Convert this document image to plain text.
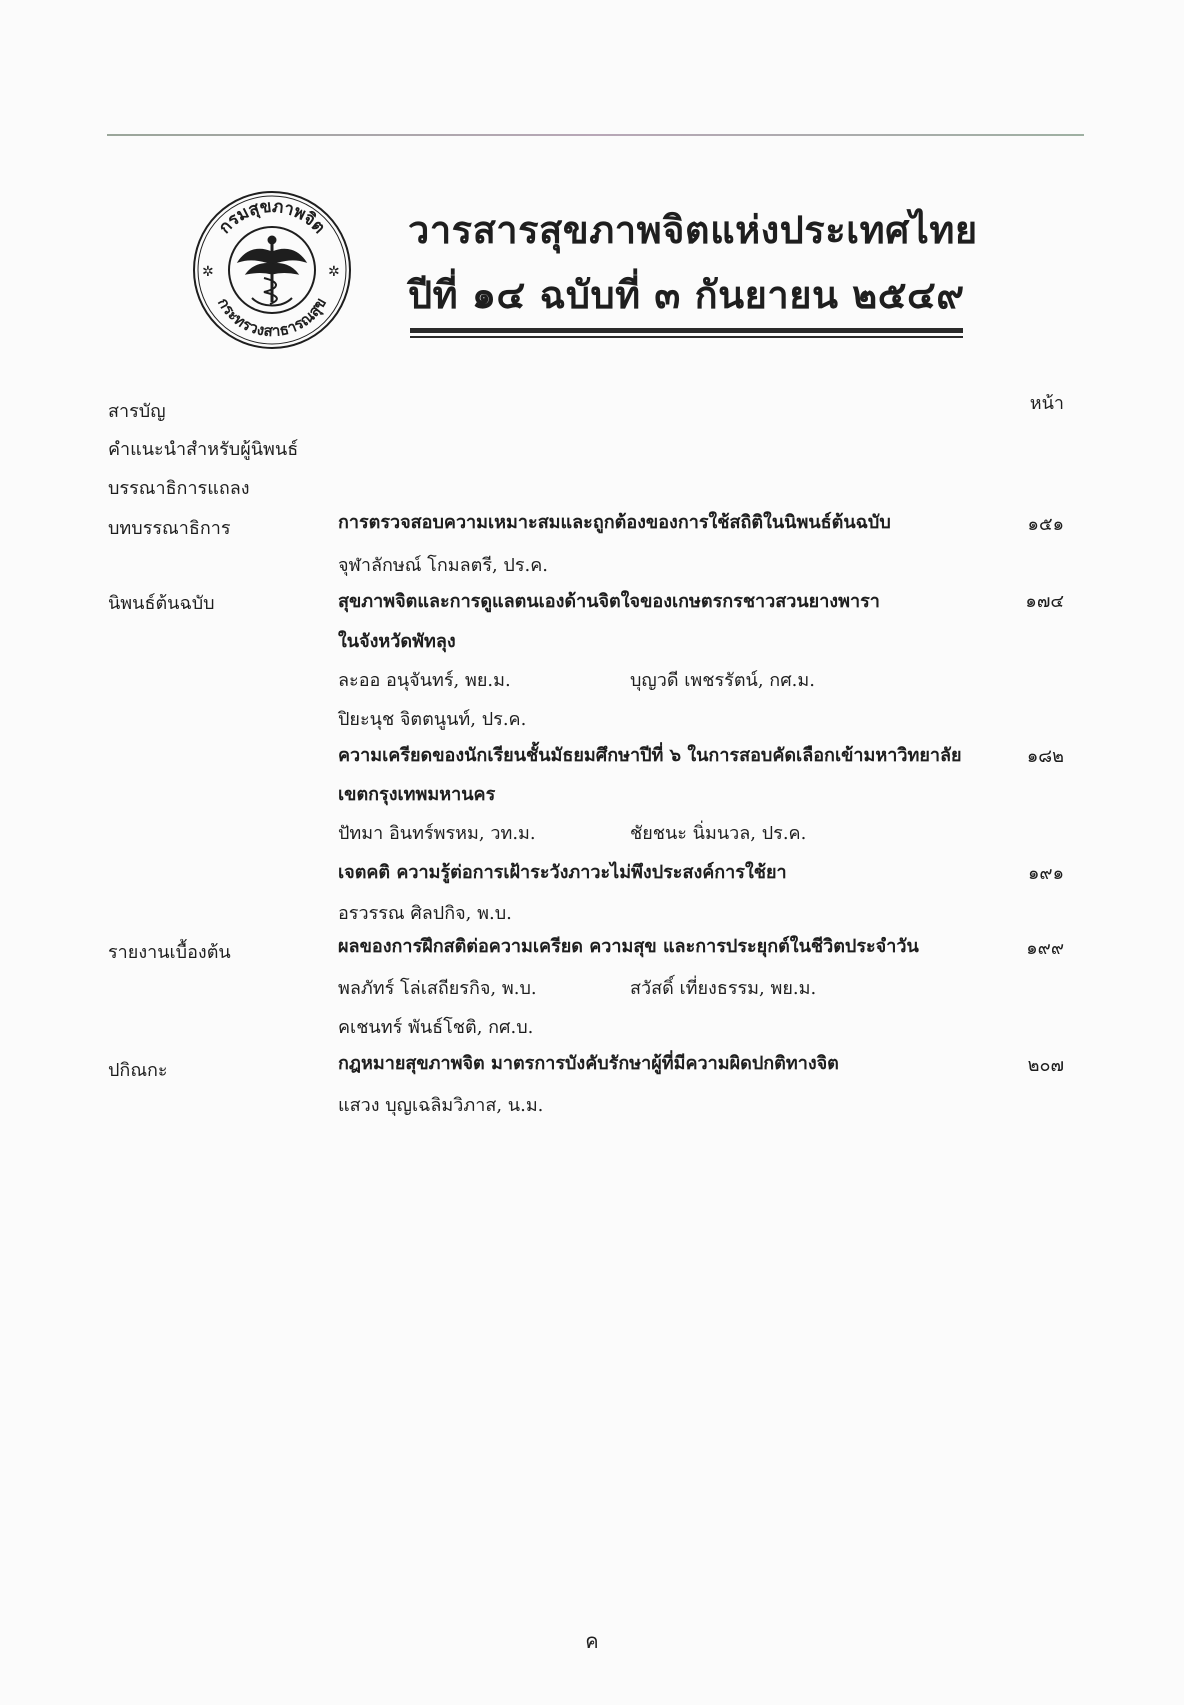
กรมสุขภาพจิต
กระทรวงสาธารณสุข
✲	✲
วารสารสุขภาพจิตแห่งประเทศไทย
ปีที่ ๑๔ ฉบับที่ ๓ กันยายน ๒๕๔๙
สารบัญ	หน้า
คำแนะนำสำหรับผู้นิพนธ์
บรรณาธิการแถลง
บทบรรณาธิการ	การตรวจสอบความเหมาะสมและถูกต้องของการใช้สถิติในนิพนธ์ต้นฉบับ	๑๕๑
จุฬาลักษณ์ โกมลตรี, ปร.ค.
นิพนธ์ต้นฉบับ	สุขภาพจิตและการดูแลตนเองด้านจิตใจของเกษตรกรชาวสวนยางพารา	๑๗๔
ในจังหวัดพัทลุง
ละออ อนุจันทร์, พย.ม.	บุญวดี เพชรรัตน์, กศ.ม.
ปิยะนุช จิตตนูนท์, ปร.ค.
ความเครียดของนักเรียนชั้นมัธยมศึกษาปีที่ ๖ ในการสอบคัดเลือกเข้ามหาวิทยาลัย	๑๘๒
เขตกรุงเทพมหานคร
ปัทมา อินทร์พรหม, วท.ม.	ชัยชนะ นิ่มนวล, ปร.ค.
เจตคติ ความรู้ต่อการเฝ้าระวังภาวะไม่พึงประสงค์การใช้ยา	๑๙๑
อรวรรณ ศิลปกิจ, พ.บ.
รายงานเบื้องต้น	ผลของการฝึกสติต่อความเครียด ความสุข และการประยุกต์ในชีวิตประจำวัน	๑๙๙
พลภัทร์ โล่เสถียรกิจ, พ.บ.	สวัสดิ์ เที่ยงธรรม, พย.ม.
คเชนทร์ พันธ์โชติ, กศ.บ.
ปกิณกะ	กฎหมายสุขภาพจิต มาตรการบังคับรักษาผู้ที่มีความผิดปกติทางจิต	๒๐๗
แสวง บุญเฉลิมวิภาส, น.ม.
ค
